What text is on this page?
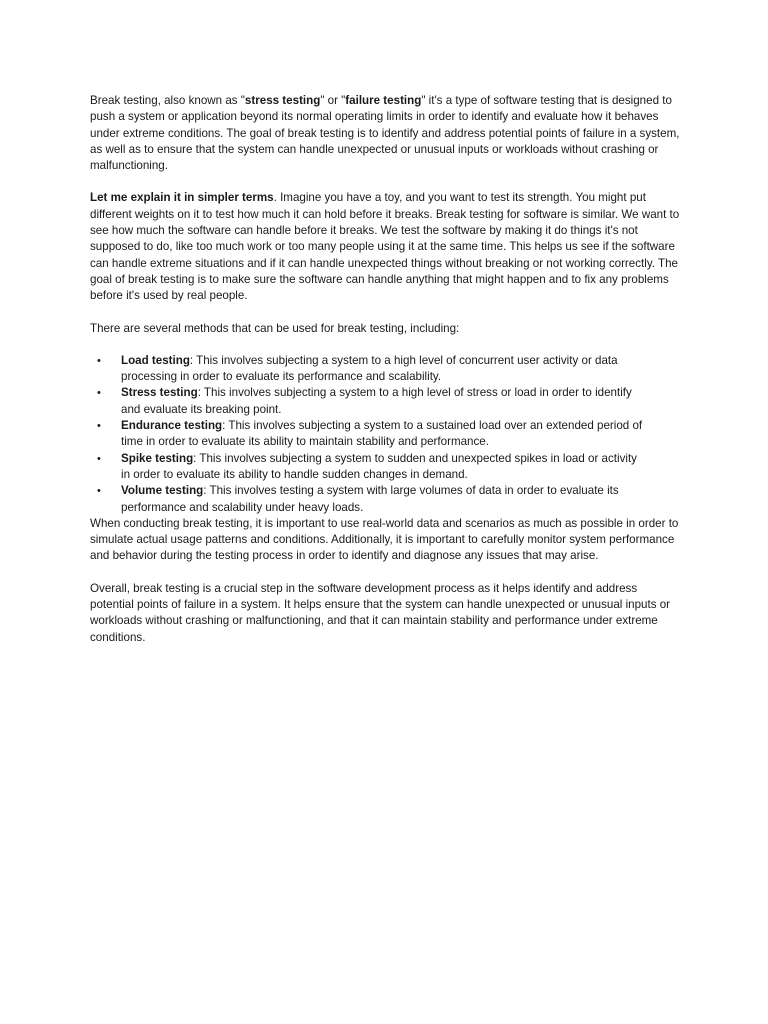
Break testing, also known as "stress testing" or "failure testing" it's a type of software testing that is designed to push a system or application beyond its normal operating limits in order to identify and evaluate how it behaves under extreme conditions. The goal of break testing is to identify and address potential points of failure in a system, as well as to ensure that the system can handle unexpected or unusual inputs or workloads without crashing or malfunctioning.

Let me explain it in simpler terms. Imagine you have a toy, and you want to test its strength. You might put different weights on it to test how much it can hold before it breaks. Break testing for software is similar. We want to see how much the software can handle before it breaks. We test the software by making it do things it's not supposed to do, like too much work or too many people using it at the same time. This helps us see if the software can handle extreme situations and if it can handle unexpected things without breaking or not working correctly. The goal of break testing is to make sure the software can handle anything that might happen and to fix any problems before it's used by real people.

There are several methods that can be used for break testing, including:

• Load testing: This involves subjecting a system to a high level of concurrent user activity or data processing in order to evaluate its performance and scalability.
• Stress testing: This involves subjecting a system to a high level of stress or load in order to identify and evaluate its breaking point.
• Endurance testing: This involves subjecting a system to a sustained load over an extended period of time in order to evaluate its ability to maintain stability and performance.
• Spike testing: This involves subjecting a system to sudden and unexpected spikes in load or activity in order to evaluate its ability to handle sudden changes in demand.
• Volume testing: This involves testing a system with large volumes of data in order to evaluate its performance and scalability under heavy loads.

When conducting break testing, it is important to use real-world data and scenarios as much as possible in order to simulate actual usage patterns and conditions. Additionally, it is important to carefully monitor system performance and behavior during the testing process in order to identify and diagnose any issues that may arise.

Overall, break testing is a crucial step in the software development process as it helps identify and address potential points of failure in a system. It helps ensure that the system can handle unexpected or unusual inputs or workloads without crashing or malfunctioning, and that it can maintain stability and performance under extreme conditions.
